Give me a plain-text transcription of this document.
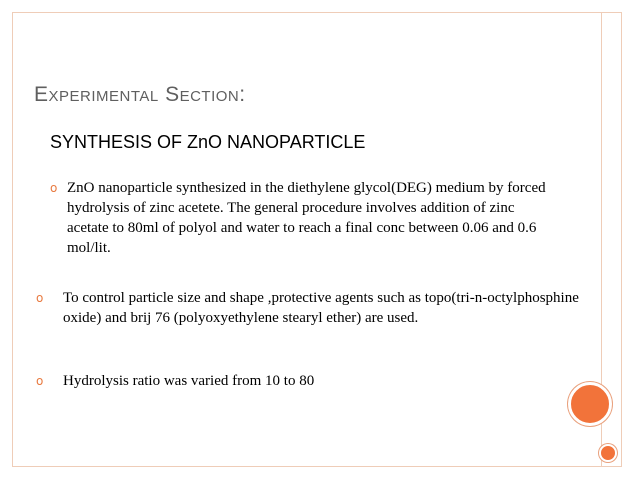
Experimental Section:
SYNTHESIS OF ZnO NANOPARTICLE
o ZnO nanoparticle synthesized in the diethylene glycol(DEG) medium by forced hydrolysis of zinc acetete. The general procedure involves addition of zinc acetate to 80ml of polyol and water to reach a final conc between 0.06 and 0.6 mol/lit.
o To control particle size and shape ,protective agents such as topo(tri-n-octylphosphine oxide) and brij 76 (polyoxyethylene stearyl ether) are used.
o Hydrolysis ratio was varied from 10 to 80
